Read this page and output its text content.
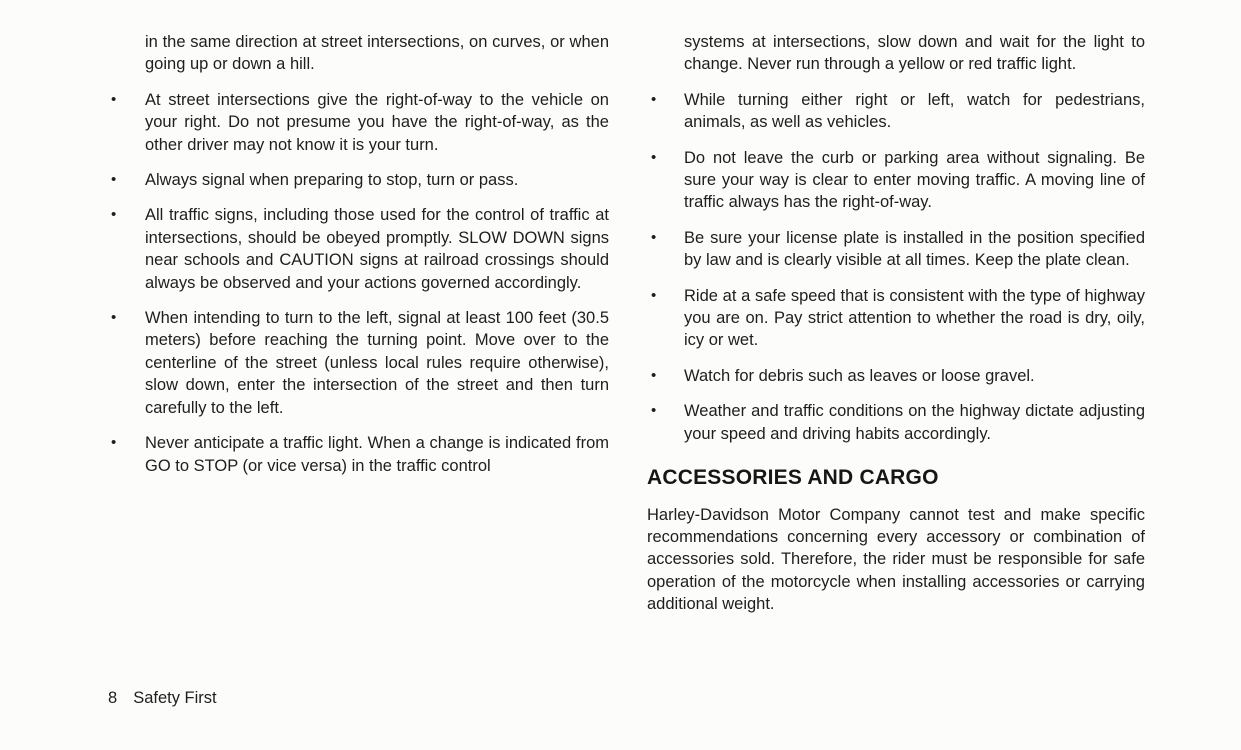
in the same direction at street intersections, on curves, or when going up or down a hill.

•	At street intersections give the right-of-way to the vehicle on your right. Do not presume you have the right-of-way, as the other driver may not know it is your turn.
•	Always signal when preparing to stop, turn or pass.
•	All traffic signs, including those used for the control of traffic at intersections, should be obeyed promptly. SLOW DOWN signs near schools and CAUTION signs at railroad crossings should always be observed and your actions governed accordingly.
•	When intending to turn to the left, signal at least 100 feet (30.5 meters) before reaching the turning point. Move over to the centerline of the street (unless local rules require otherwise), slow down, enter the intersection of the street and then turn carefully to the left.
•	Never anticipate a traffic light. When a change is indicated from GO to STOP (or vice versa) in the traffic control

systems at intersections, slow down and wait for the light to change. Never run through a yellow or red traffic light.

•	While turning either right or left, watch for pedestrians, animals, as well as vehicles.
•	Do not leave the curb or parking area without signaling. Be sure your way is clear to enter moving traffic. A moving line of traffic always has the right-of-way.
•	Be sure your license plate is installed in the position specified by law and is clearly visible at all times. Keep the plate clean.
•	Ride at a safe speed that is consistent with the type of highway you are on. Pay strict attention to whether the road is dry, oily, icy or wet.
•	Watch for debris such as leaves or loose gravel.
•	Weather and traffic conditions on the highway dictate adjusting your speed and driving habits accordingly.
ACCESSORIES AND CARGO

Harley-Davidson Motor Company cannot test and make specific recommendations concerning every accessory or combination of accessories sold. Therefore, the rider must be responsible for safe operation of the motorcycle when installing accessories or carrying additional weight.

8 Safety First
